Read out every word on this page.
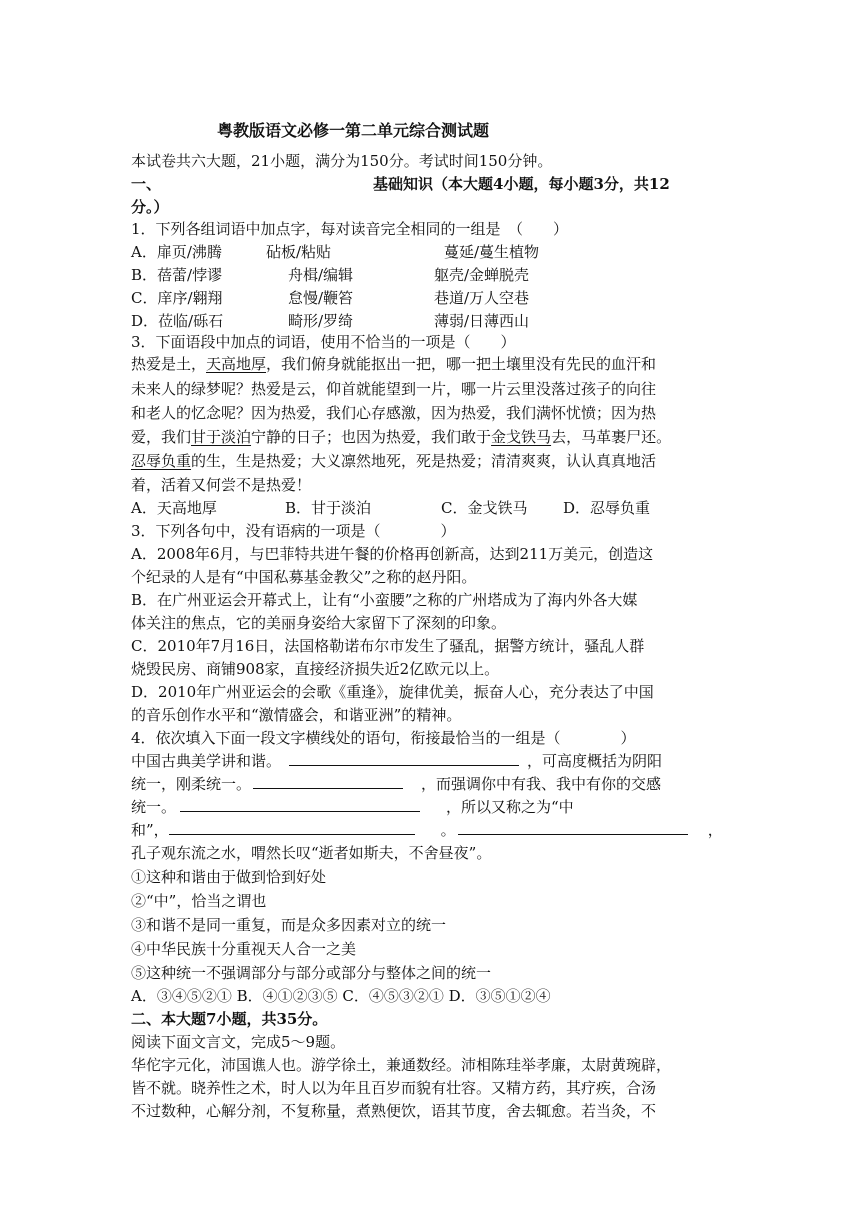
粤教版语文必修一第二单元综合测试题
本试卷共六大题，21小题，满分为150分。考试时间150分钟。
一、	基础知识（本大题4小题，每小题3分，共12
分。）
1．下列各组词语中加点字，每对读音完全相同的一组是　（　　）
A．扉页/沸腾	砧板/粘贴	蔓延/蔓生植物
B．蓓蕾/悖谬	舟楫/编辑	躯壳/金蝉脱壳
C．庠序/翱翔	怠慢/鞭笞	巷道/万人空巷
D．莅临/砾石	畸形/罗绮	薄弱/日薄西山
3．下面语段中加点的词语，使用不恰当的一项是（　　）
热爱是土，天高地厚，我们俯身就能抠出一把，哪一把土壤里没有先民的血汗和
未来人的绿梦呢？热爱是云，仰首就能望到一片，哪一片云里没落过孩子的向往
和老人的忆念呢？因为热爱，我们心存感激，因为热爱，我们满怀忧愤；因为热
爱，我们甘于淡泊宁静的日子；也因为热爱，我们敢于金戈铁马去，马革裹尸还。
忍辱负重的生，生是热爱；大义凛然地死，死是热爱；清清爽爽，认认真真地活
着，活着又何尝不是热爱！
A．天高地厚	B．甘于淡泊	C．金戈铁马 D．忍辱负重
3．下列各句中，没有语病的一项是（　　　　）
A．2008年6月，与巴菲特共进午餐的价格再创新高，达到211万美元，创造这
个纪录的人是有“中国私募基金教父”之称的赵丹阳。
B．在广州亚运会开幕式上，让有“小蛮腰”之称的广州塔成为了海内外各大媒
体关注的焦点，它的美丽身姿给大家留下了深刻的印象。
C．2010年7月16日，法国格勒诺布尔市发生了骚乱，据警方统计，骚乱人群
烧毁民房、商铺908家，直接经济损失近2亿欧元以上。
D．2010年广州亚运会的会歌《重逢》，旋律优美，振奋人心，充分表达了中国
的音乐创作水平和“激情盛会，和谐亚洲”的精神。
4．依次填入下面一段文字横线处的语句，衔接最恰当的一组是（　　　　）
中国古典美学讲和谐。	，可高度概括为阴阳
统一，刚柔统一。	，而强调你中有我、我中有你的交感
统一。	，所以又称之为“中
和”，	。	，
孔子观东流之水，喟然长叹“逝者如斯夫，不舍昼夜”。
①这种和谐由于做到恰到好处
②“中”，恰当之谓也
③和谐不是同一重复，而是众多因素对立的统一
④中华民族十分重视天人合一之美
⑤这种统一不强调部分与部分或部分与整体之间的统一
A．③④⑤②① B．④①②③⑤ C．④⑤③②① D．③⑤①②④
二、本大题7小题，共35分。
阅读下面文言文，完成5～9题。
华佗字元化，沛国谯人也。游学徐土，兼通数经。沛相陈珪举孝廉，太尉黄琬辟，
皆不就。晓养性之术，时人以为年且百岁而貌有壮容。又精方药，其疗疾，合汤
不过数种，心解分剂，不复称量，煮熟便饮，语其节度，舍去辄愈。若当灸，不
